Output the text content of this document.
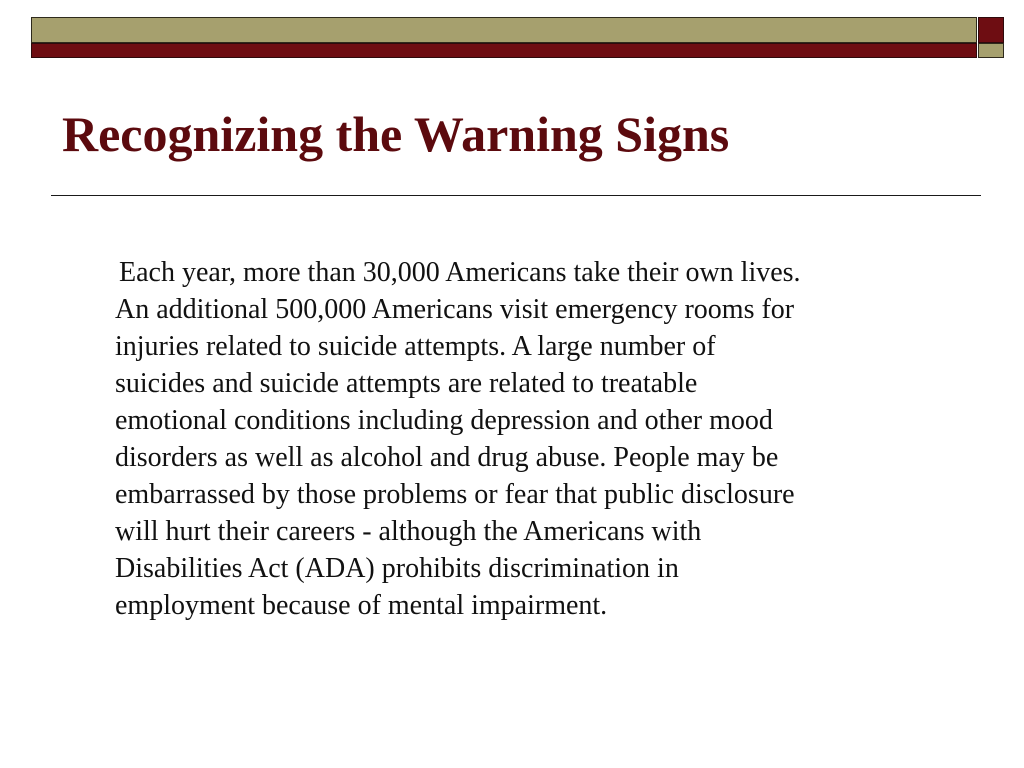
Recognizing the Warning Signs

Each year, more than 30,000 Americans take their own lives.
An additional 500,000 Americans visit emergency rooms for
injuries related to suicide attempts. A large number of
suicides and suicide attempts are related to treatable
emotional conditions including depression and other mood
disorders as well as alcohol and drug abuse. People may be
embarrassed by those problems or fear that public disclosure
will hurt their careers - although the Americans with
Disabilities Act (ADA) prohibits discrimination in
employment because of mental impairment.
